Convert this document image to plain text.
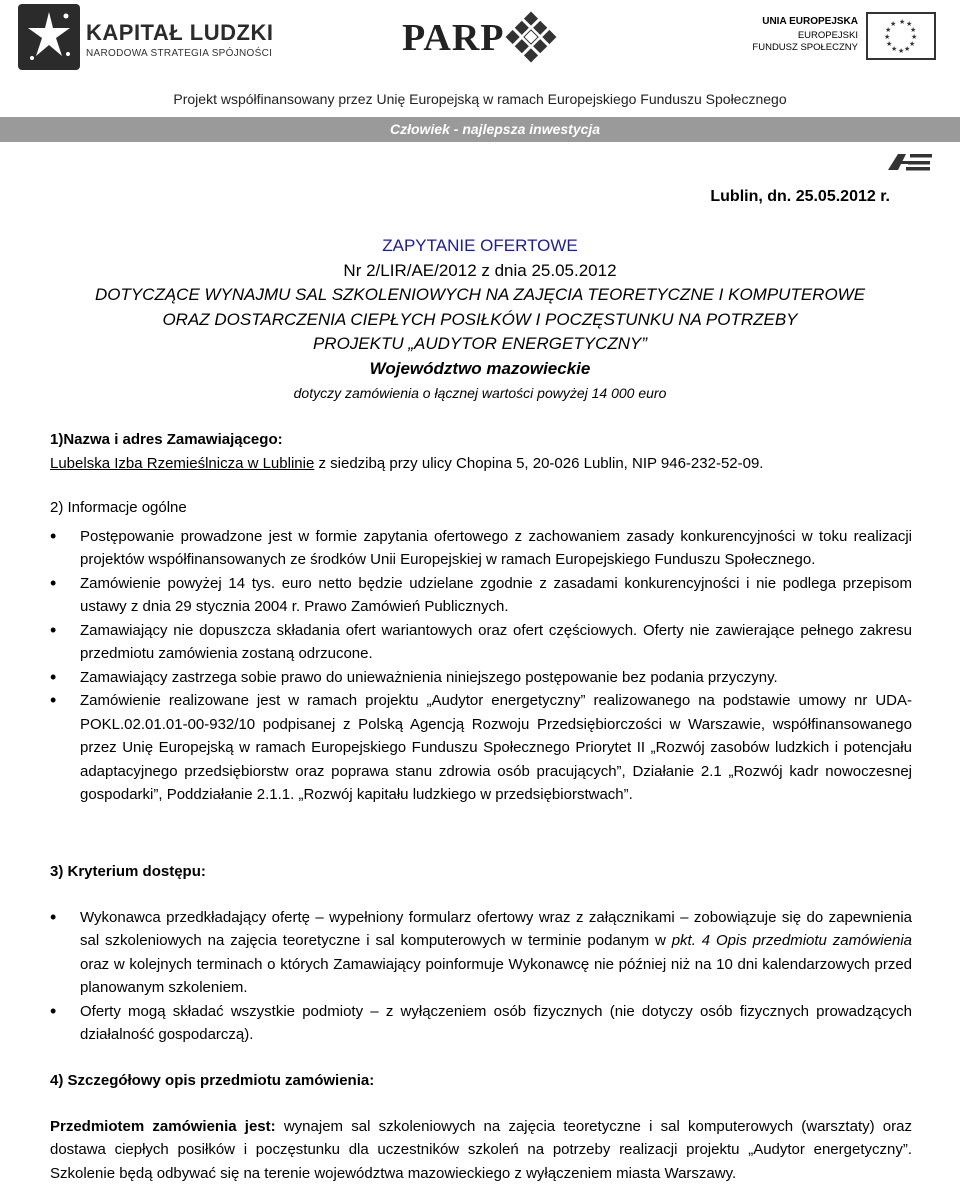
KAPITAŁ LUDZKI
NARODOWA STRATEGIA SPÓJNOŚCI	PARP	UNIA EUROPEJSKA
EUROPEJSKI
FUNDUSZ SPOŁECZNY
★ ★
★
★
★
★
★
★
★
★
★
★
Projekt współfinansowany przez Unię Europejską w ramach Europejskiego Funduszu Społecznego
Człowiek - najlepsza inwestycja
Lublin, dn. 25.05.2012 r.
ZAPYTANIE OFERTOWE
Nr 2/LIR/AE/2012 z dnia 25.05.2012
DOTYCZĄCE WYNAJMU SAL SZKOLENIOWYCH NA ZAJĘCIA TEORETYCZNE I KOMPUTEROWE
ORAZ DOSTARCZENIA CIEPŁYCH POSIŁKÓW I POCZĘSTUNKU NA POTRZEBY
PROJEKTU „AUDYTOR ENERGETYCZNY”
Województwo mazowieckie
dotyczy zamówienia o łącznej wartości powyżej 14 000 euro
1)Nazwa i adres Zamawiającego:
Lubelska Izba Rzemieślnicza w Lublinie z siedzibą przy ulicy Chopina 5, 20-026 Lublin, NIP 946-232-52-09.
2) Informacje ogólne
• Postępowanie prowadzone jest w formie zapytania ofertowego z zachowaniem zasady konkurencyjności w toku realizacji projektów współfinansowanych ze środków Unii Europejskiej w ramach Europejskiego Funduszu Społecznego.
• Zamówienie powyżej 14 tys. euro netto będzie udzielane zgodnie z zasadami konkurencyjności i nie podlega przepisom ustawy z dnia 29 stycznia 2004 r. Prawo Zamówień Publicznych.
• Zamawiający nie dopuszcza składania ofert wariantowych oraz ofert częściowych. Oferty nie zawierające pełnego zakresu przedmiotu zamówienia zostaną odrzucone.
• Zamawiający zastrzega sobie prawo do unieważnienia niniejszego postępowanie bez podania przyczyny.
• Zamówienie realizowane jest w ramach projektu „Audytor energetyczny” realizowanego na podstawie umowy nr UDA-POKL.02.01.01-00-932/10 podpisanej z Polską Agencją Rozwoju Przedsiębiorczości w Warszawie, współfinansowanego przez Unię Europejską w ramach Europejskiego Funduszu Społecznego Priorytet II „Rozwój zasobów ludzkich i potencjału adaptacyjnego przedsiębiorstw oraz poprawa stanu zdrowia osób pracujących”, Działanie 2.1 „Rozwój kadr nowoczesnej gospodarki”, Poddziałanie 2.1.1. „Rozwój kapitału ludzkiego w przedsiębiorstwach”.
3) Kryterium dostępu:
• Wykonawca przedkładający ofertę – wypełniony formularz ofertowy wraz z załącznikami – zobowiązuje się do zapewnienia sal szkoleniowych na zajęcia teoretyczne i sal komputerowych w terminie podanym w pkt. 4 Opis przedmiotu zamówienia oraz w kolejnych terminach o których Zamawiający poinformuje Wykonawcę nie później niż na 10 dni kalendarzowych przed planowanym szkoleniem.
• Oferty mogą składać wszystkie podmioty – z wyłączeniem osób fizycznych (nie dotyczy osób fizycznych prowadzących działalność gospodarczą).
4) Szczegółowy opis przedmiotu zamówienia:
Przedmiotem zamówienia jest: wynajem sal szkoleniowych na zajęcia teoretyczne i sal komputerowych (warsztaty) oraz dostawa ciepłych posiłków i poczęstunku dla uczestników szkoleń na potrzeby realizacji projektu „Audytor energetyczny”. Szkolenie będą odbywać się na terenie województwa mazowieckiego z wyłączeniem miasta Warszawy.
